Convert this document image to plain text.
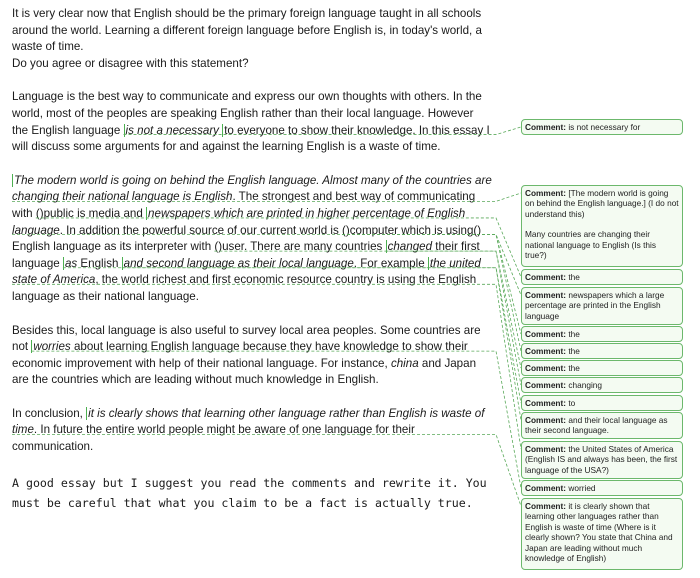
It is very clear now that English should be the primary foreign language taught in all schools around the world. Learning a different foreign language before English is, in today's world, a waste of time.
Do you agree or disagree with this statement?

Language is the best way to communicate and express our own thoughts with others. In the world, most of the peoples are speaking English rather than their local language. However the English language is not a necessary to everyone to show their knowledge. In this essay I will discuss some arguments for and against the learning English is a waste of time.

The modern world is going on behind the English language. Almost many of the countries are changing their national language is English. The strongest and best way of communicating with ()public is media and newspapers which are printed in higher percentage of English language. In addition the powerful source of our current world is ()computer which is using() English language as its interpreter with ()user. There are many countries changed their first language as English and second language as their local language. For example the united state of America, the world richest and first economic resource country is using the English language as their national language.

Besides this, local language is also useful to survey local area peoples. Some countries are not worries about learning English language because they have knowledge to show their economic improvement with help of their national language. For instance, china and Japan are the countries which are leading without much knowledge in English.

In conclusion, it is clearly shows that learning other language rather than English is waste of time. In future the entire world people might be aware of one language for their communication.

A good essay but I suggest you read the comments and rewrite it. You must be careful that what you claim to be a fact is actually true.

Comment: is not necessary for
Comment: [The modern world is going on behind the English language.] (I do not understand this)
Many countries are changing their national language to English (Is this true?)
Comment: the
Comment: newspapers which a large percentage are printed in the English language
Comment: the
Comment: the
Comment: the
Comment: changing
Comment: to
Comment: and their local language as their second language.
Comment: the United States of America (English IS and always has been, the first language of the USA?)
Comment: worried
Comment: it is clearly shown that learning other languages rather than English is waste of time (Where is it clearly shown? You state that China and Japan are leading without much knowledge of English)
